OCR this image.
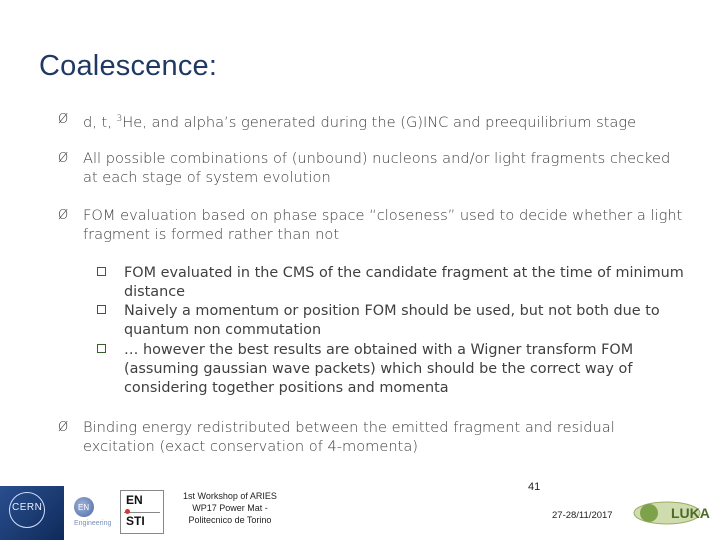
Coalescence:
Ø d, t, $^3$He, and alpha’s generated during the (G)INC and preequilibrium stage
Ø All possible combinations of (unbound) nucleons and/or light fragments checked at each stage of system evolution
Ø FOM evaluation based on phase space “closeness” used to decide whether a light fragment is formed rather than not
FOM evaluated in the CMS of the candidate fragment at the time of minimum distance
Naively a momentum or position FOM should be used, but not both due to quantum non commutation
… however the best results are obtained with a Wigner transform FOM (assuming gaussian wave packets) which should be the correct way of considering together positions and momenta
Ø Binding energy redistributed between the emitted fragment and residual excitation (exact conservation of 4-momenta)
CERN	EN
Engineering
EN
STI
1st Workshop of ARIES WP17 Power Mat - Politecnico de Torino
41
27-28/11/2017	LUKA
